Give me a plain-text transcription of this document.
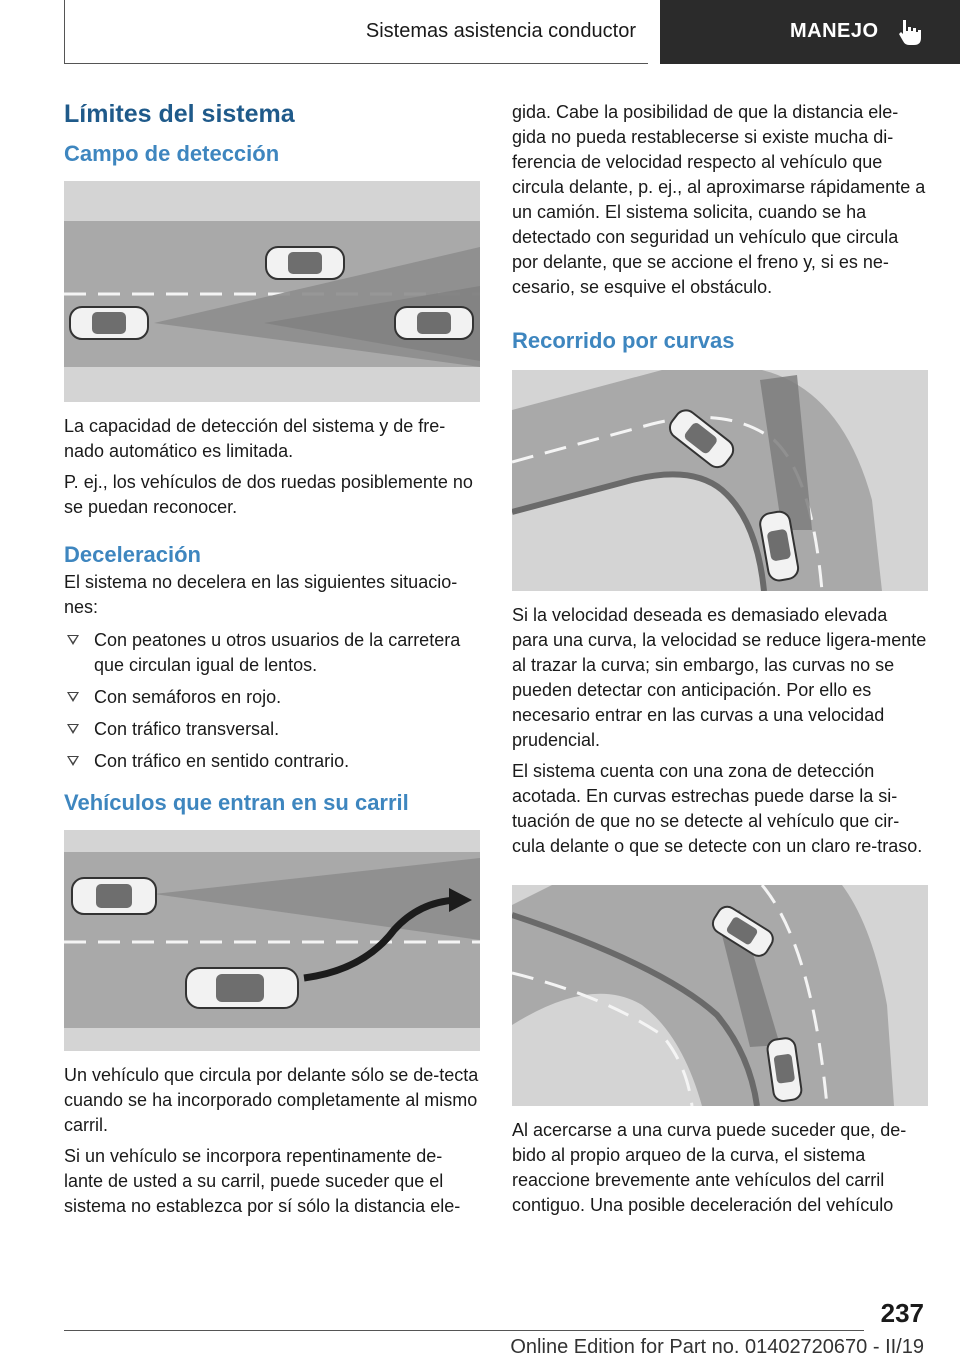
Sistemas asistencia conductor	MANEJO
Límites del sistema
Campo de detección

La capacidad de detección del sistema y de fre-nado automático es limitada.

P. ej., los vehículos de dos ruedas posiblemente no se puedan reconocer.

Deceleración

El sistema no decelera en las siguientes situacio-nes:

Con peatones u otros usuarios de la carretera que circulan igual de lentos.
Con semáforos en rojo.
Con tráfico transversal.
Con tráfico en sentido contrario.
Vehículos que entran en su carril

Un vehículo que circula por delante sólo se de-tecta cuando se ha incorporado completamente al mismo carril.

Si un vehículo se incorpora repentinamente de-lante de usted a su carril, puede suceder que el sistema no establezca por sí sólo la distancia ele-

gida. Cabe la posibilidad de que la distancia ele-gida no pueda restablecerse si existe mucha di-ferencia de velocidad respecto al vehículo que circula delante, p. ej., al aproximarse rápidamente a un camión. El sistema solicita, cuando se ha detectado con seguridad un vehículo que circula por delante, que se accione el freno y, si es ne-cesario, se esquive el obstáculo.

Recorrido por curvas

Si la velocidad deseada es demasiado elevada para una curva, la velocidad se reduce ligera-mente al trazar la curva; sin embargo, las curvas no se pueden detectar con anticipación. Por ello es necesario entrar en las curvas a una velocidad prudencial.

El sistema cuenta con una zona de detección acotada. En curvas estrechas puede darse la si-tuación de que no se detecte al vehículo que cir-cula delante o que se detecte con un claro re-traso.

Al acercarse a una curva puede suceder que, de-bido al propio arqueo de la curva, el sistema reaccione brevemente ante vehículos del carril contiguo. Una posible deceleración del vehículo

237
Online Edition for Part no. 01402720670 - II/19
